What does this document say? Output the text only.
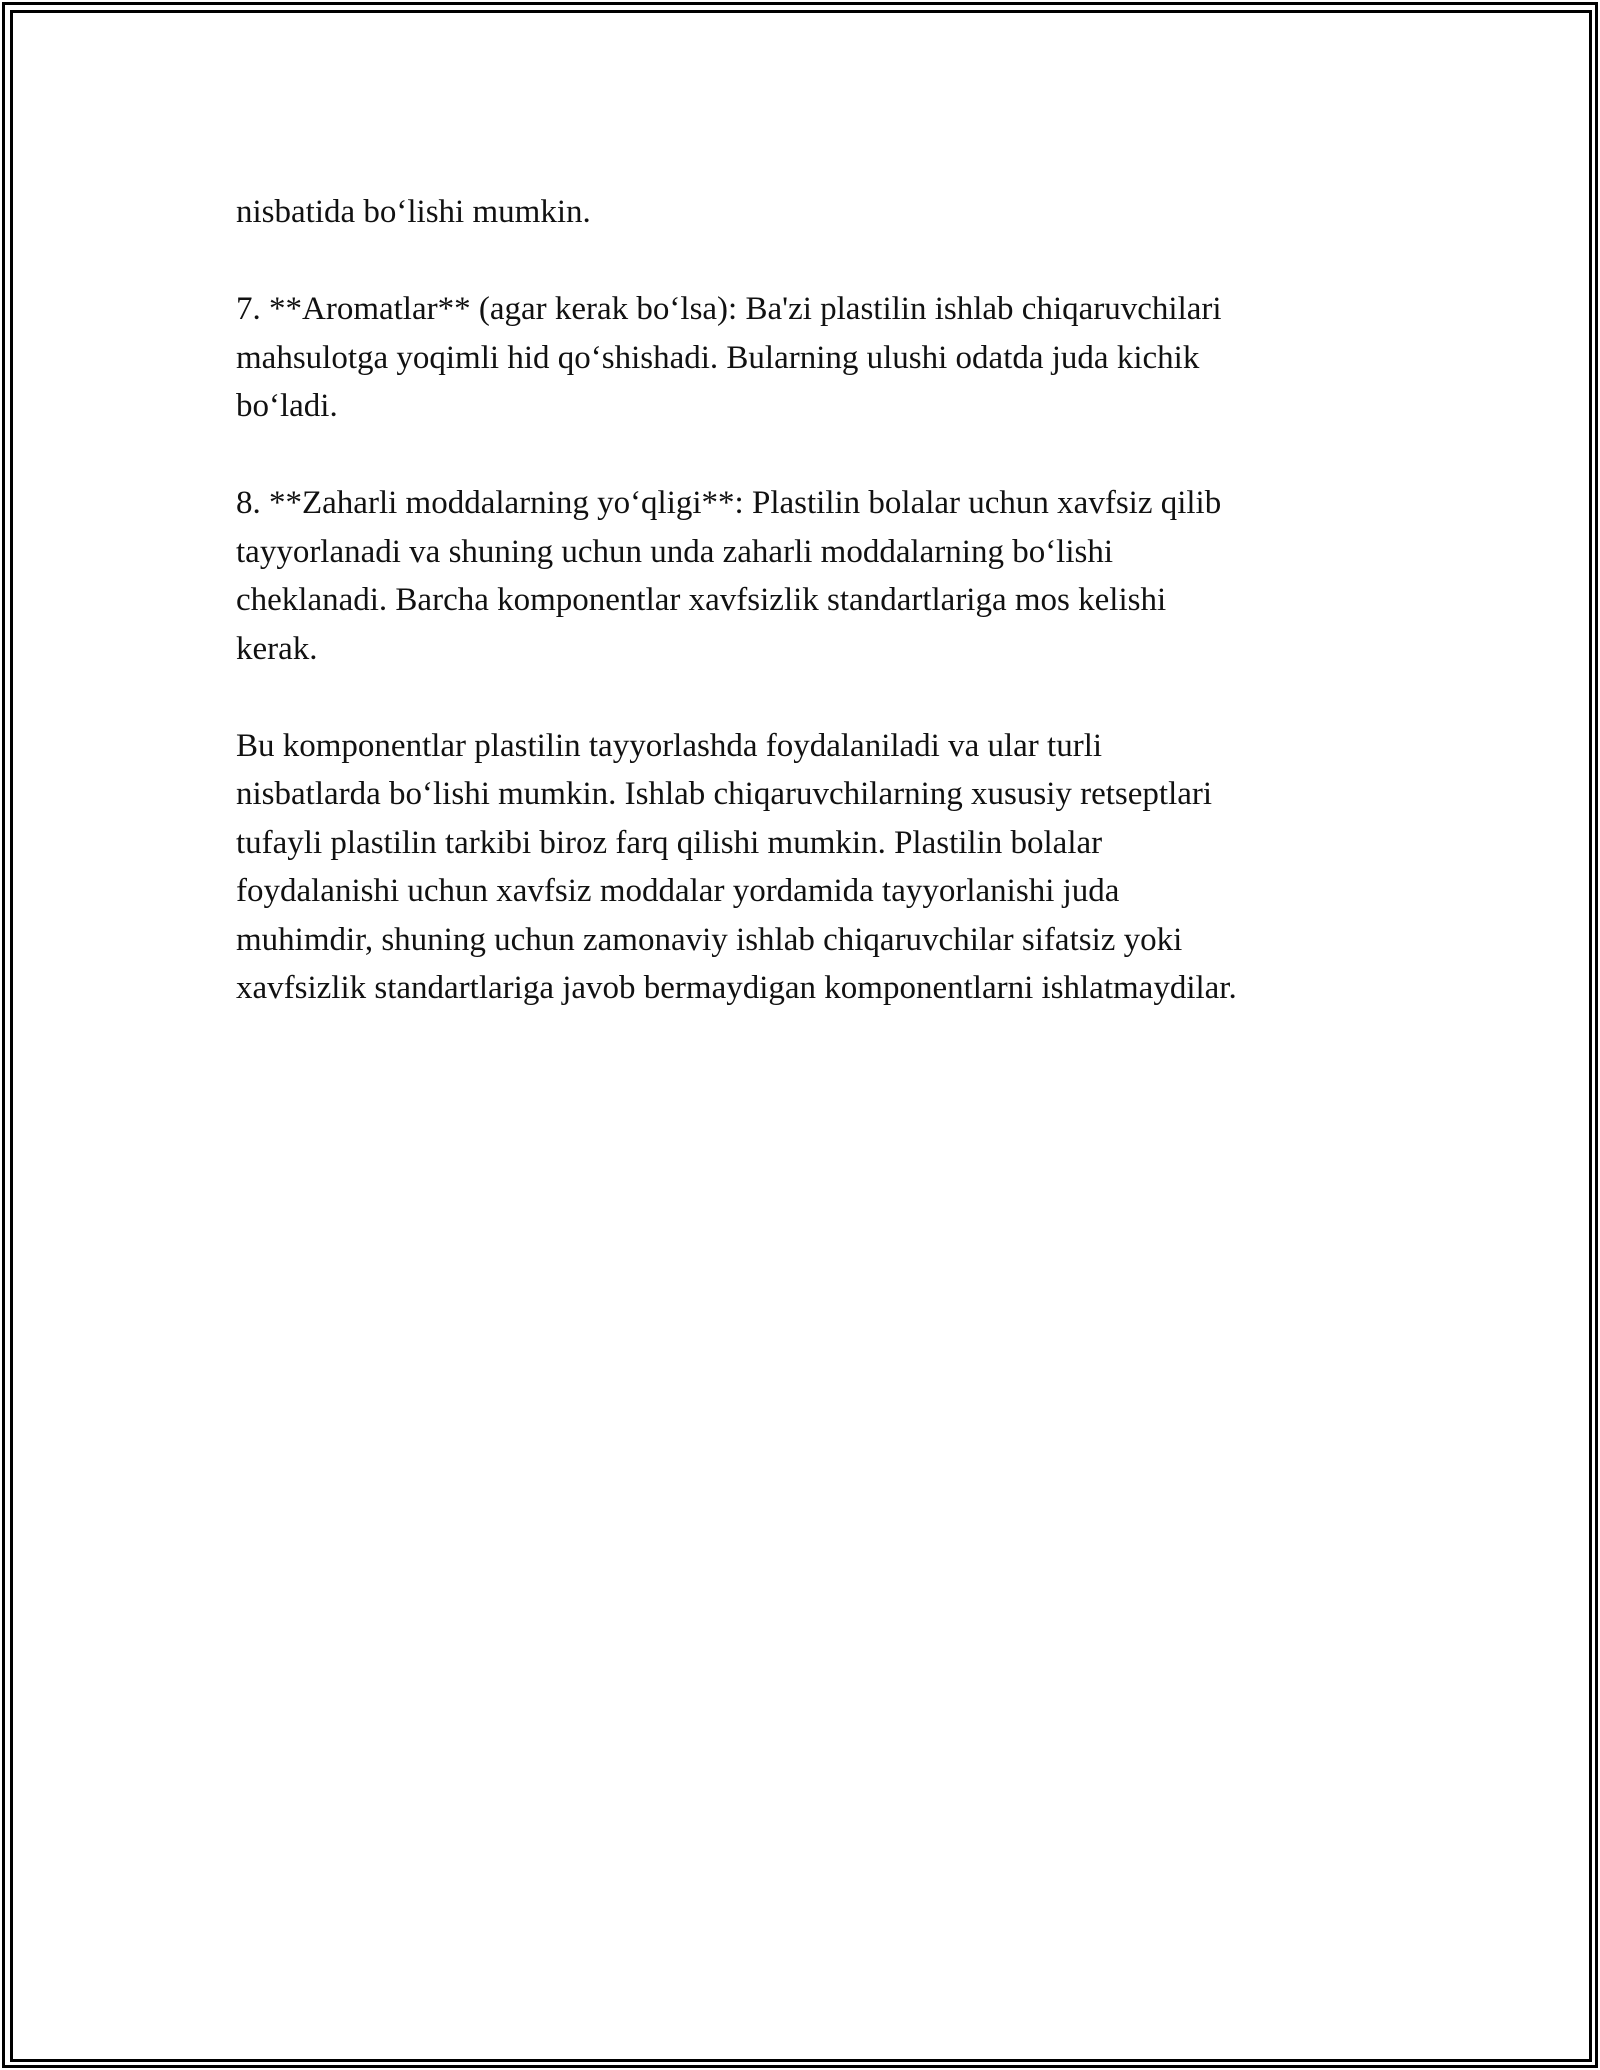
nisbatida bo‘lishi mumkin.

7. **Aromatlar** (agar kerak bo‘lsa): Ba'zi plastilin ishlab chiqaruvchilari
mahsulotga yoqimli hid qo‘shishadi. Bularning ulushi odatda juda kichik
bo‘ladi.

8. **Zaharli moddalarning yo‘qligi**: Plastilin bolalar uchun xavfsiz qilib
tayyorlanadi va shuning uchun unda zaharli moddalarning bo‘lishi
cheklanadi. Barcha komponentlar xavfsizlik standartlariga mos kelishi
kerak.

Bu komponentlar plastilin tayyorlashda foydalaniladi va ular turli
nisbatlarda bo‘lishi mumkin. Ishlab chiqaruvchilarning xususiy retseptlari
tufayli plastilin tarkibi biroz farq qilishi mumkin. Plastilin bolalar
foydalanishi uchun xavfsiz moddalar yordamida tayyorlanishi juda
muhimdir, shuning uchun zamonaviy ishlab chiqaruvchilar sifatsiz yoki
xavfsizlik standartlariga javob bermaydigan komponentlarni ishlatmaydilar.
